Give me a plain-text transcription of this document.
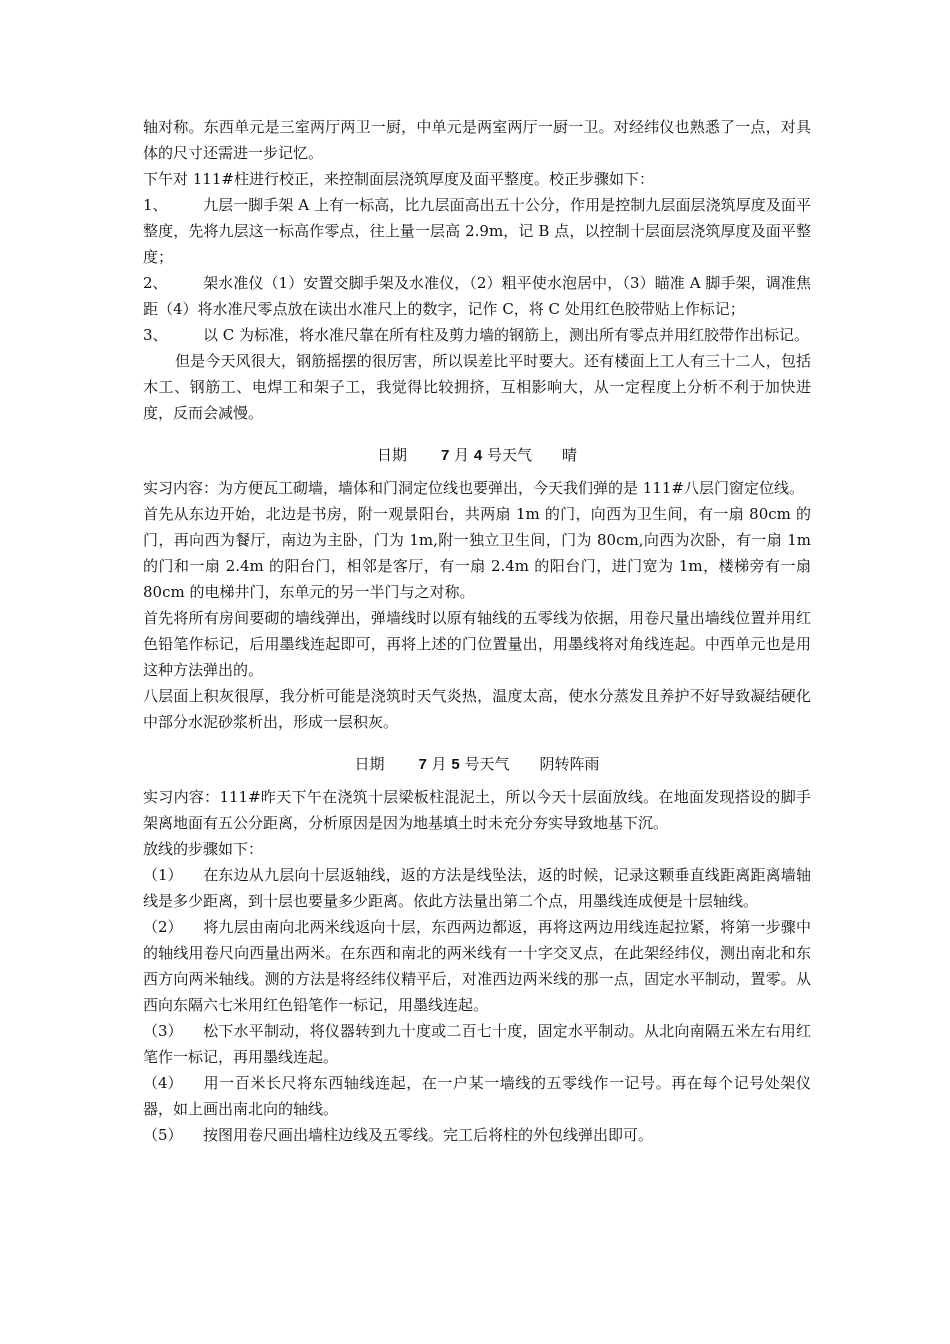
轴对称。东西单元是三室两厅两卫一厨，中单元是两室两厅一厨一卫。对经纬仪也熟悉了一点，对具体的尺寸还需进一步记忆。

下午对 111#柱进行校正，来控制面层浇筑厚度及面平整度。校正步骤如下：

1、 九层一脚手架 A 上有一标高，比九层面高出五十公分，作用是控制九层面层浇筑厚度及面平整度，先将九层这一标高作零点，往上量一层高 2.9m，记 B 点，以控制十层面层浇筑厚度及面平整度；

2、 架水准仪（1）安置交脚手架及水准仪，（2）粗平使水泡居中，（3）瞄准 A 脚手架，调准焦距（4）将水准尺零点放在读出水准尺上的数字，记作 C，将 C 处用红色胶带贴上作标记；

3、 以 C 为标准，将水准尺靠在所有柱及剪力墙的钢筋上，测出所有零点并用红胶带作出标记。

但是今天风很大，钢筋摇摆的很厉害，所以误差比平时要大。还有楼面上工人有三十二人，包括木工、钢筋工、电焊工和架子工，我觉得比较拥挤，互相影响大，从一定程度上分析不利于加快进度，反而会减慢。

日期 7 月 4 号天气 晴

实习内容：为方便瓦工砌墙，墙体和门洞定位线也要弹出，今天我们弹的是 111#八层门窗定位线。

首先从东边开始，北边是书房，附一观景阳台，共两扇 1m 的门，向西为卫生间，有一扇 80cm 的门，再向西为餐厅，南边为主卧，门为 1m,附一独立卫生间，门为 80cm,向西为次卧，有一扇 1m 的门和一扇 2.4m 的阳台门，相邻是客厅，有一扇 2.4m 的阳台门，进门宽为 1m，楼梯旁有一扇 80cm 的电梯井门，东单元的另一半门与之对称。

首先将所有房间要砌的墙线弹出，弹墙线时以原有轴线的五零线为依据，用卷尺量出墙线位置并用红色铅笔作标记，后用墨线连起即可，再将上述的门位置量出，用墨线将对角线连起。中西单元也是用这种方法弹出的。

八层面上积灰很厚，我分析可能是浇筑时天气炎热，温度太高，使水分蒸发且养护不好导致凝结硬化中部分水泥砂浆析出，形成一层积灰。

日期 7 月 5 号天气 阴转阵雨

实习内容：111#昨天下午在浇筑十层梁板柱混泥土，所以今天十层面放线。在地面发现搭设的脚手架离地面有五公分距离，分析原因是因为地基填土时未充分夯实导致地基下沉。

放线的步骤如下：

（1） 在东边从九层向十层返轴线，返的方法是线坠法，返的时候，记录这颗垂直线距离距离墙轴线是多少距离，到十层也要量多少距离。依此方法量出第二个点，用墨线连成便是十层轴线。

（2） 将九层由南向北两米线返向十层，东西两边都返，再将这两边用线连起拉紧，将第一步骤中的轴线用卷尺向西量出两米。在东西和南北的两米线有一十字交叉点，在此架经纬仪，测出南北和东西方向两米轴线。测的方法是将经纬仪精平后，对准西边两米线的那一点，固定水平制动，置零。从西向东隔六七米用红色铅笔作一标记，用墨线连起。

（3） 松下水平制动，将仪器转到九十度或二百七十度，固定水平制动。从北向南隔五米左右用红笔作一标记，再用墨线连起。

（4） 用一百米长尺将东西轴线连起，在一户某一墙线的五零线作一记号。再在每个记号处架仪器，如上画出南北向的轴线。

（5） 按图用卷尺画出墙柱边线及五零线。完工后将柱的外包线弹出即可。
